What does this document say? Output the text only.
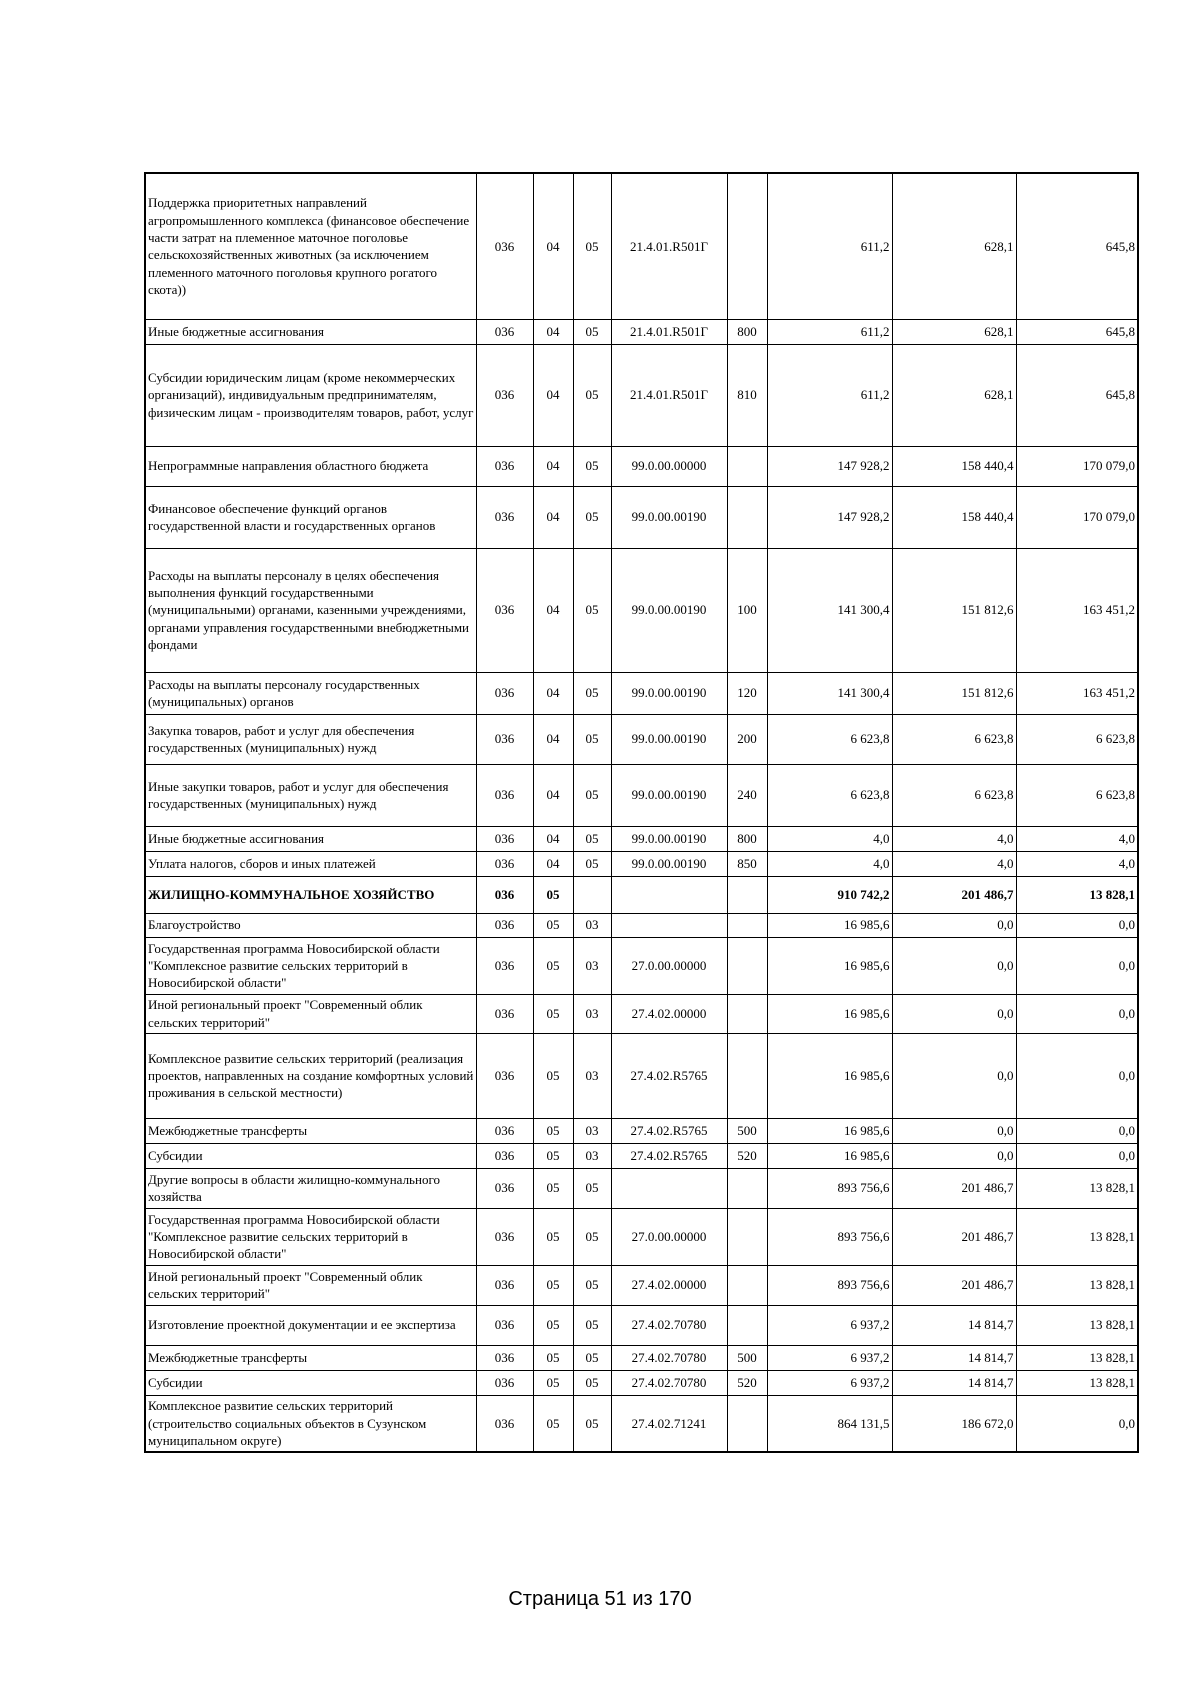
Поддержка приоритетных направлений агропромышленного комплекса (финансовое обеспечение части затрат на племенное маточное поголовье сельскохозяйственных животных (за исключением племенного маточного поголовья крупного рогатого скота))	036	04	05	21.4.01.R501Г		611,2	628,1	645,8
Иные бюджетные ассигнования	036	04	05	21.4.01.R501Г	800	611,2	628,1	645,8
Субсидии юридическим лицам (кроме некоммерческих организаций), индивидуальным предпринимателям, физическим лицам - производителям товаров, работ, услуг	036	04	05	21.4.01.R501Г	810	611,2	628,1	645,8
Непрограммные направления областного бюджета	036	04	05	99.0.00.00000		147 928,2	158 440,4	170 079,0
Финансовое обеспечение функций органов государственной власти и государственных органов	036	04	05	99.0.00.00190		147 928,2	158 440,4	170 079,0
Расходы на выплаты персоналу в целях обеспечения выполнения функций государственными (муниципальными) органами, казенными учреждениями, органами управления государственными внебюджетными фондами	036	04	05	99.0.00.00190	100	141 300,4	151 812,6	163 451,2
Расходы на выплаты персоналу государственных (муниципальных) органов	036	04	05	99.0.00.00190	120	141 300,4	151 812,6	163 451,2
Закупка товаров, работ и услуг для обеспечения государственных (муниципальных) нужд	036	04	05	99.0.00.00190	200	6 623,8	6 623,8	6 623,8
Иные закупки товаров, работ и услуг для обеспечения государственных (муниципальных) нужд	036	04	05	99.0.00.00190	240	6 623,8	6 623,8	6 623,8
Иные бюджетные ассигнования	036	04	05	99.0.00.00190	800	4,0	4,0	4,0
Уплата налогов, сборов и иных платежей	036	04	05	99.0.00.00190	850	4,0	4,0	4,0
ЖИЛИЩНО-КОММУНАЛЬНОЕ ХОЗЯЙСТВО	036	05				910 742,2	201 486,7	13 828,1
Благоустройство	036	05	03			16 985,6	0,0	0,0
Государственная программа Новосибирской области "Комплексное развитие сельских территорий в Новосибирской области"	036	05	03	27.0.00.00000		16 985,6	0,0	0,0
Иной региональный проект "Современный облик сельских территорий"	036	05	03	27.4.02.00000		16 985,6	0,0	0,0
Комплексное развитие сельских территорий (реализация проектов, направленных на создание комфортных условий проживания в сельской местности)	036	05	03	27.4.02.R5765		16 985,6	0,0	0,0
Межбюджетные трансферты	036	05	03	27.4.02.R5765	500	16 985,6	0,0	0,0
Субсидии	036	05	03	27.4.02.R5765	520	16 985,6	0,0	0,0
Другие вопросы в области жилищно-коммунального хозяйства	036	05	05			893 756,6	201 486,7	13 828,1
Государственная программа Новосибирской области "Комплексное развитие сельских территорий в Новосибирской области"	036	05	05	27.0.00.00000		893 756,6	201 486,7	13 828,1
Иной региональный проект "Современный облик сельских территорий"	036	05	05	27.4.02.00000		893 756,6	201 486,7	13 828,1
Изготовление проектной документации и ее экспертиза	036	05	05	27.4.02.70780		6 937,2	14 814,7	13 828,1
Межбюджетные трансферты	036	05	05	27.4.02.70780	500	6 937,2	14 814,7	13 828,1
Субсидии	036	05	05	27.4.02.70780	520	6 937,2	14 814,7	13 828,1
Комплексное развитие сельских территорий (строительство социальных объектов в Сузунском муниципальном округе)	036	05	05	27.4.02.71241		864 131,5	186 672,0	0,0
Страница 51 из 170
